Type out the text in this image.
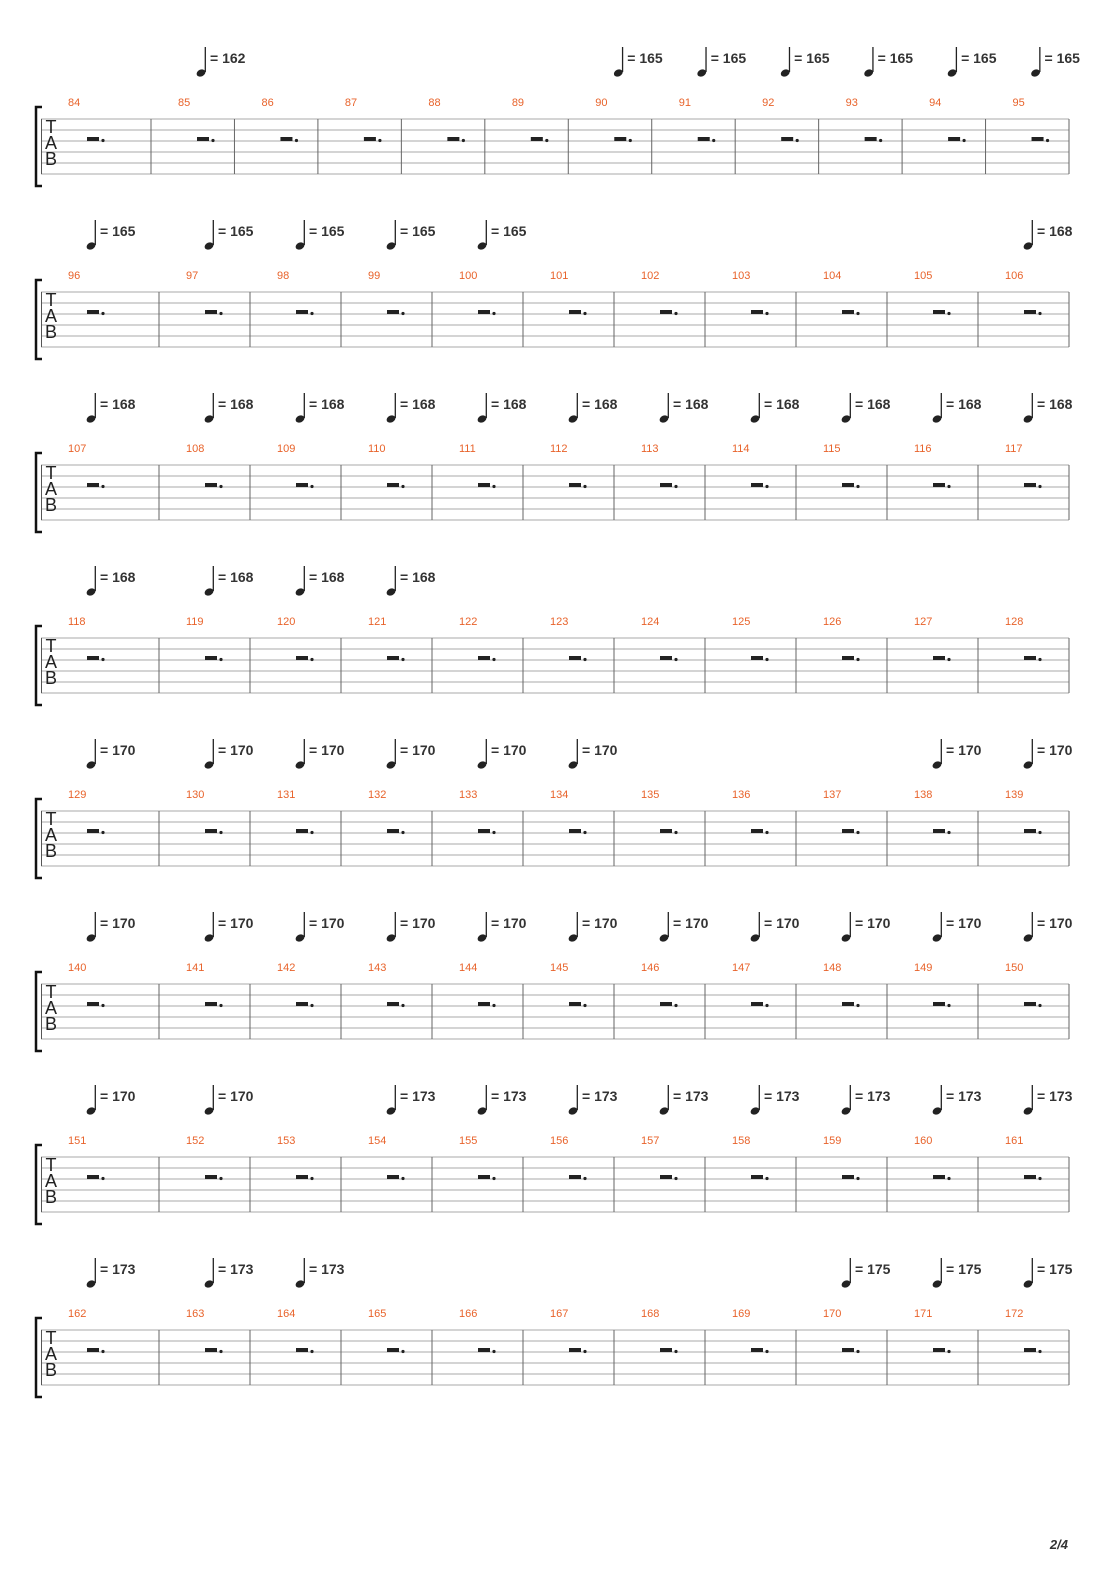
T
A
B
84	85
= 162
86	87	88	89	90
= 165
91
= 165
92
= 165
93
= 165
94
= 165
95
= 165
T
A
B
96
= 165
97
= 165
98
= 165
99
= 165
100
= 165
101	102	103	104	105	106
= 168
T
A
B
107
= 168
108
= 168
109
= 168
110
= 168
111
= 168
112
= 168
113
= 168
114
= 168
115
= 168
116
= 168
117
= 168
T
A
B
118
= 168
119
= 168
120
= 168
121
= 168
122	123	124	125	126	127	128
T
A
B
129
= 170
130
= 170
131
= 170
132
= 170
133
= 170
134
= 170
135	136	137	138
= 170
139
= 170
T
A
B
140
= 170
141
= 170
142
= 170
143
= 170
144
= 170
145
= 170
146
= 170
147
= 170
148
= 170
149
= 170
150
= 170
T
A
B
151
= 170
152
= 170
153	154
= 173
155
= 173
156
= 173
157
= 173
158
= 173
159
= 173
160
= 173
161
= 173
T
A
B
162
= 173
163
= 173
164
= 173
165	166	167	168	169	170
= 175
171
= 175
172
= 175
2/4
